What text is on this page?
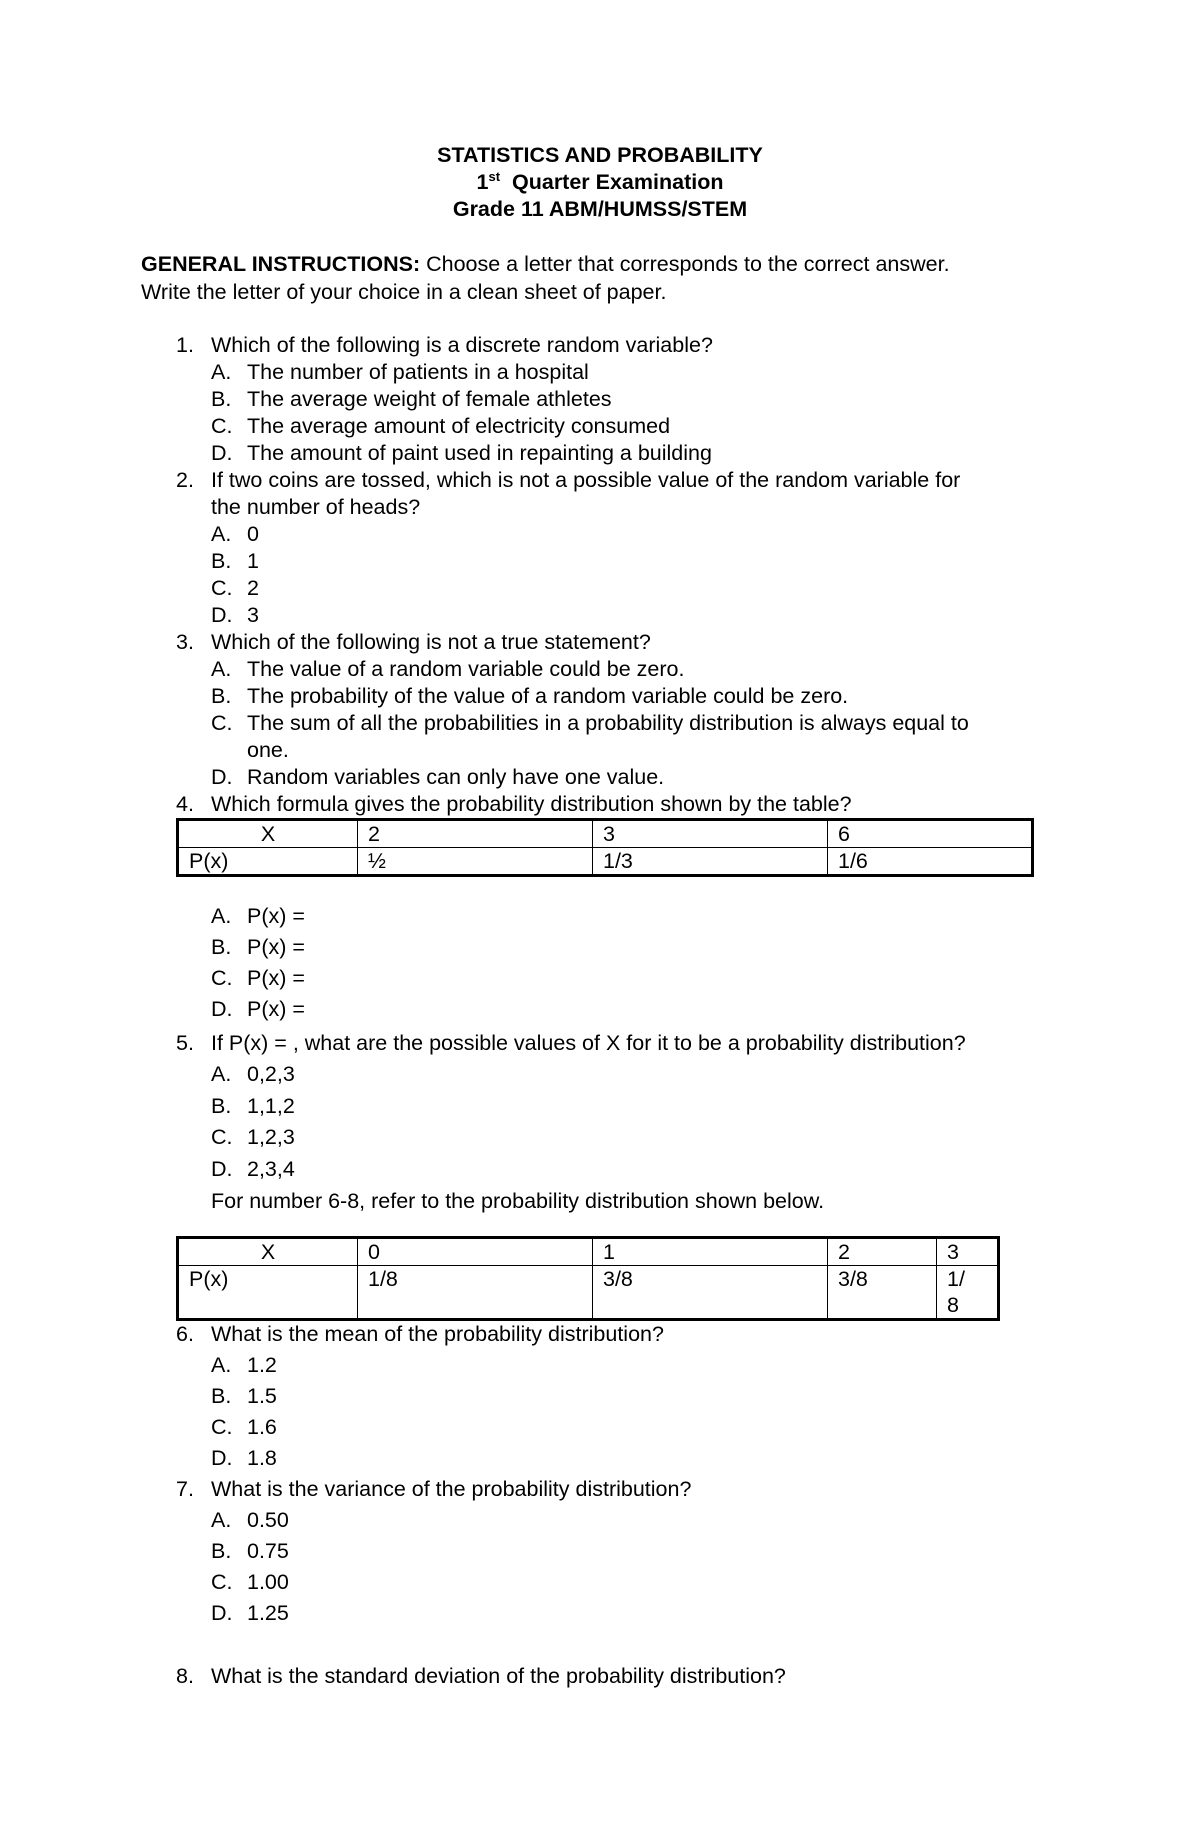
STATISTICS AND PROBABILITY
1st Quarter Examination
Grade 11 ABM/HUMSS/STEM
GENERAL INSTRUCTIONS: Choose a letter that corresponds to the correct answer.
Write the letter of your choice in a clean sheet of paper.
1. Which of the following is a discrete random variable?
A. The number of patients in a hospital
B. The average weight of female athletes
C. The average amount of electricity consumed
D. The amount of paint used in repainting a building
2. If two coins are tossed, which is not a possible value of the random variable for
the number of heads?
A. 0
B. 1
C. 2
D. 3
3. Which of the following is not a true statement?
A. The value of a random variable could be zero.
B. The probability of the value of a random variable could be zero.
C. The sum of all the probabilities in a probability distribution is always equal to
one.
D. Random variables can only have one value.
4. Which formula gives the probability distribution shown by the table?
X	2	3	6
P(x)	½	1/3	1/6
A. P(x) =
B. P(x) =
C. P(x) =
D. P(x) =
5. If P(x) = , what are the possible values of X for it to be a probability distribution?
A. 0,2,3
B. 1,1,2
C. 1,2,3
D. 2,3,4
For number 6-8, refer to the probability distribution shown below.
X	0	1	2	3
P(x)	1/8	3/8	3/8	1/
8
6. What is the mean of the probability distribution?
A. 1.2
B. 1.5
C. 1.6
D. 1.8
7. What is the variance of the probability distribution?
A. 0.50
B. 0.75
C. 1.00
D. 1.25
8. What is the standard deviation of the probability distribution?
